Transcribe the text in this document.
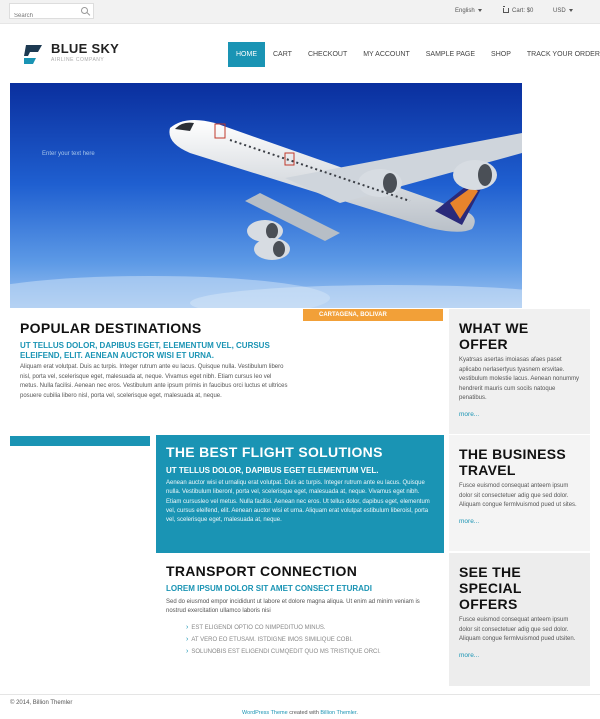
Search
English	Cart: $0	USD
BLUE SKY
AIRLINE COMPANY
HOME	CART	CHECKOUT	MY ACCOUNT	SAMPLE PAGE	SHOP	TRACK YOUR ORDER
Enter your text here
CARTAGENA, BOLIVAR
POPULAR DESTINATIONS
UT TELLUS DOLOR, DAPIBUS EGET, ELEMENTUM VEL, CURSUS ELEIFEND, ELIT. AENEAN AUCTOR WISI ET URNA.
Aliquam erat volutpat. Duis ac turpis. Integer rutrum ante eu lacus. Quisque nulla. Vestibulum libero nisl, porta vel, scelerisque eget, malesuada at, neque. Vivamus eget nibh. Etiam cursus leo vel metus. Nulla facilisi. Aenean nec eros. Vestibulum ante ipsum primis in faucibus orci luctus et ultrices posuere cubilia libero nisl, porta vel, scelerisque eget, malesuada at, neque.
THE BEST FLIGHT SOLUTIONS
UT TELLUS DOLOR, DAPIBUS EGET ELEMENTUM VEL.
Aenean auctor wisi et urnaliqu erat volutpat. Duis ac turpis. Integer rutrum ante eu lacus. Quisque nulla. Vestibulum liberonl, porta vel, scelerisque eget, malesuada at, neque. Vivamus eget nibh. Etiam cursusleo vel metus. Nulla facilisi. Aenean nec eros. Ut tellus dolor, dapibus eget, elementum vel, cursus eleifend, elit. Aenean auctor wisi et urna. Aliquam erat volutpat estibulum liberoisl, porta vel, scelerisque eget, malesuada at, neque.
TRANSPORT CONNECTION
LOREM IPSUM DOLOR SIT AMET CONSECT ETURADI
Sed do eiusmod empor incididunt ut labore et dolore magna aliqua. Ut enim ad minim veniam is nostrud exercitation ullamco laboris nisi
› EST ELIGENDI OPTIO CO NIMPEDITUO MINUS.
› AT VERO EO ETUSAM. ISTDIGNE IMOS SIMILIQUE COBI.
› SOLUNOBIS EST ELIGENDI CUMQEDIT QUO MS TRISTIQUE ORCI.
WHAT WE OFFER
Kyatrsas asertas imoiasas afaes paset aplicabo nerlasertyus tyasnem ersvitae. vestibulum molestie lacus. Aenean nonummy hendrerit mauris cum socils natoque penatibus.
more...
THE BUSINESS TRAVEL
Fusce euismod consequat anteem ipsum dolor sit consectetuer adig que sed dolor. Aliquam congue fermlvuismod pued ut sites.
more...
SEE THE SPECIAL OFFERS
Fusce euismod consequat anteem ipsum dolor sit consectetuer adig que sed dolor. Aliquam congue fermlvuismod pued utsiten.
more...
© 2014, Billion Themler
WordPress Theme created with Billion Themler.
